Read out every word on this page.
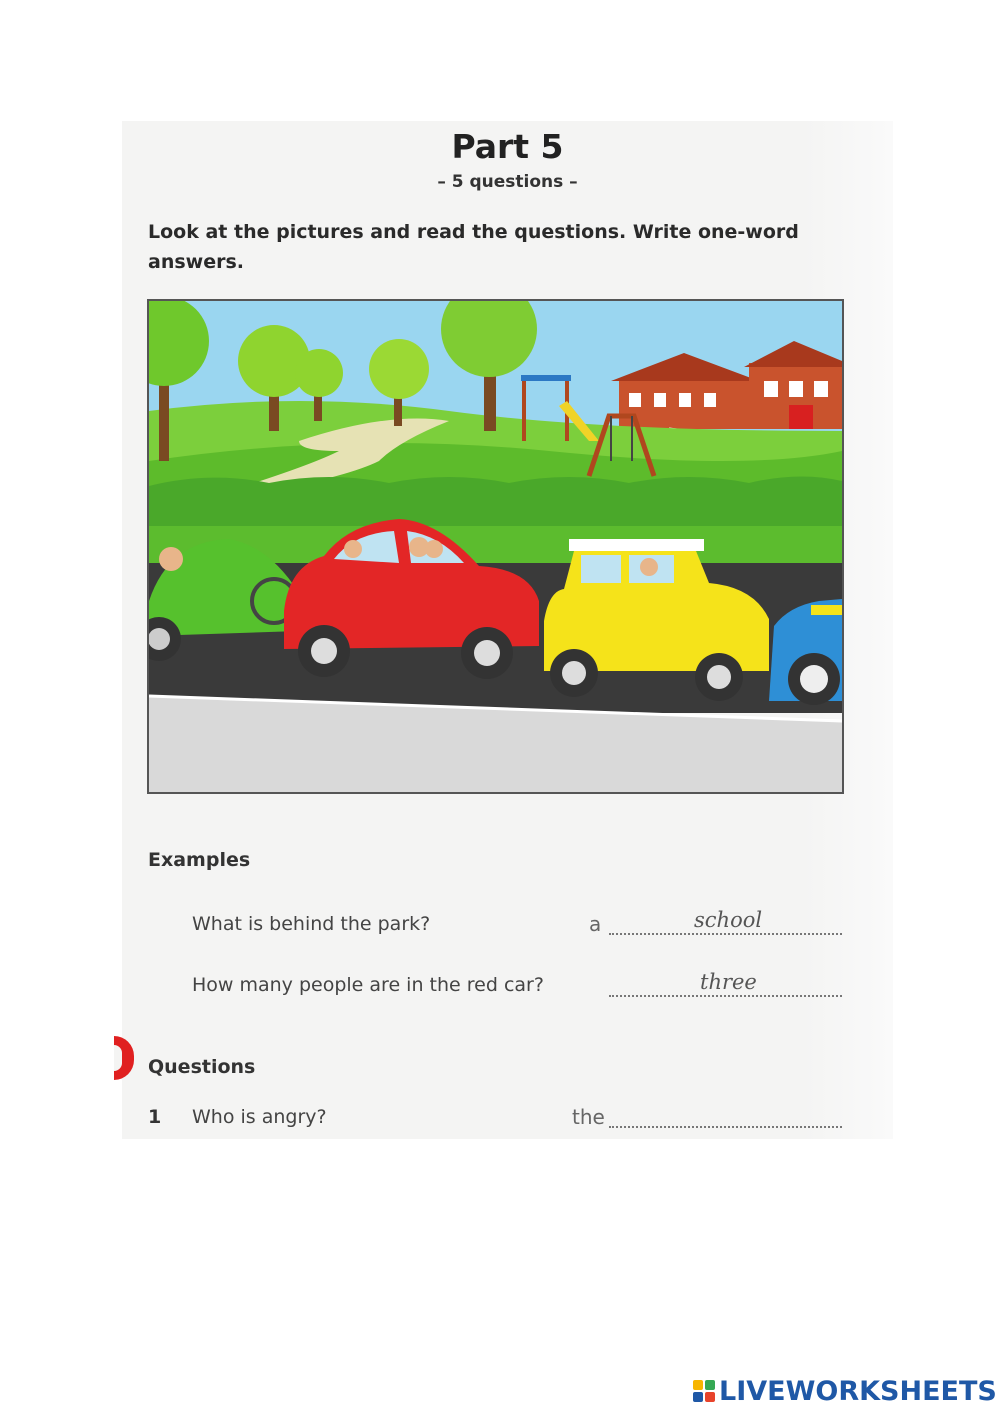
Part 5
– 5 questions –
Look at the pictures and read the questions. Write one-word answers.
Examples
What is behind the park?	a	school
How many people are in the red car?	three
Questions
1 Who is angry?	the
LIVEWORKSHEETS
